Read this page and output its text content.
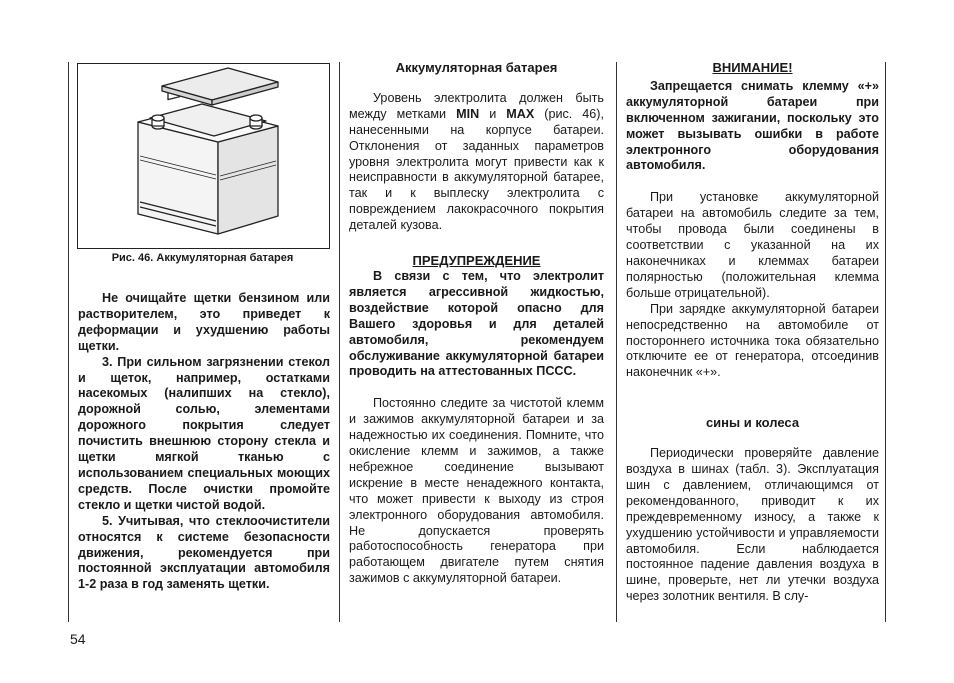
Рис. 46. Аккумуляторная батарея

Не очищайте щетки бензином или растворителем, это приведет к деформации и ухудшению работы щетки.

3. При сильном загрязнении стекол и щеток, например, остатками насекомых (налипших на стекло), дорожной солью, элементами дорожного покрытия следует почистить внешнюю сторону стекла и щетки мягкой тканью с использованием специальных моющих средств. После очистки промойте стекло и щетки чистой водой.

5. Учитывая, что стеклоочистители относятся к системе безопасности движения, рекомендуется при постоянной эксплуатации автомобиля 1-2 раза в год заменять щетки.

Аккумуляторная батарея

Уровень электролита должен быть между метками MIN и MAX (рис. 46), нанесенными на корпусе батареи. Отклонения от заданных параметров уровня электролита могут привести как к неисправности в аккумуляторной батарее, так и к выплеску электролита с повреждением лакокрасочного покрытия деталей кузова.

ПРЕДУПРЕЖДЕНИЕ

В связи с тем, что электролит является агрессивной жидкостью, воздействие которой опасно для Вашего здоровья и для деталей автомобиля, рекомендуем обслуживание аккумуляторной батареи проводить на аттестованных ПССС.

Постоянно следите за чистотой клемм и зажимов аккумуляторной батареи и за надежностью их соединения. Помните, что окисление клемм и зажимов, а также небрежное соединение вызывают искрение в месте ненадежного контакта, что может привести к выходу из строя электронного оборудования автомобиля. Не допускается проверять работоспособность генератора при работающем двигателе путем снятия зажимов с аккумуляторной батареи.

ВНИМАНИЕ!

Запрещается снимать клемму «+» аккумуляторной батареи при включенном зажигании, поскольку это может вызывать ошибки в работе электронного оборудования автомобиля.

При установке аккумуляторной батареи на автомобиль следите за тем, чтобы провода были соединены в соответствии с указанной на их наконечниках и клеммах батареи полярностью (положительная клемма больше отрицательной).

При зарядке аккумуляторной батареи непосредственно на автомобиле от постороннего источника тока обязательно отключите ее от генератора, отсоединив наконечник «+».

сины и колеса

Периодически проверяйте давление воздуха в шинах (табл. 3). Эксплуатация шин с давлением, отличающимся от рекомендованного, приводит к их преждевременному износу, а также к ухудшению устойчивости и управляемости автомобиля. Если наблюдается постоянное падение давления воздуха в шине, проверьте, нет ли утечки воздуха через золотник вентиля. В слу-

54
